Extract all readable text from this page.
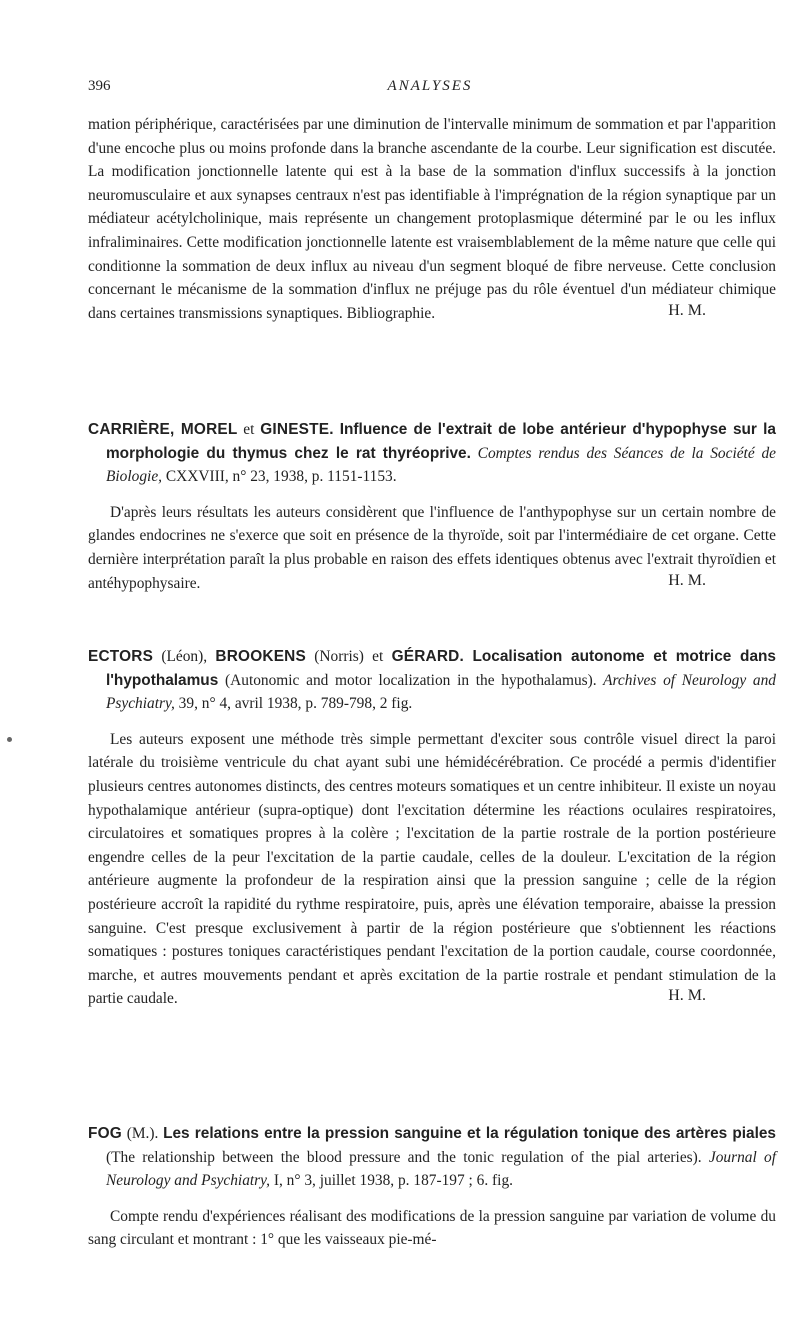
396	ANALYSES

mation périphérique, caractérisées par une diminution de l'intervalle minimum de sommation et par l'apparition d'une encoche plus ou moins profonde dans la branche ascendante de la courbe. Leur signification est discutée. La modification jonctionnelle latente qui est à la base de la sommation d'influx successifs à la jonction neuromusculaire et aux synapses centraux n'est pas identifiable à l'imprégnation de la région synaptique par un médiateur acétylcholinique, mais représente un changement protoplasmique déterminé par le ou les influx infraliminaires. Cette modification jonctionnelle latente est vraisemblablement de la même nature que celle qui conditionne la sommation de deux influx au niveau d'un segment bloqué de fibre nerveuse. Cette conclusion concernant le mécanisme de la sommation d'influx ne préjuge pas du rôle éventuel d'un médiateur chimique dans certaines transmissions synaptiques. Bibliographie.	H. M.
CARRIÈRE, MOREL et GINESTE. Influence de l'extrait de lobe antérieur d'hypophyse sur la morphologie du thymus chez le rat thyréoprive. Comptes rendus des Séances de la Société de Biologie, CXXVIII, n° 23, 1938, p. 1151-1153.

D'après leurs résultats les auteurs considèrent que l'influence de l'anthypophyse sur un certain nombre de glandes endocrines ne s'exerce que soit en présence de la thyroïde, soit par l'intermédiaire de cet organe. Cette dernière interprétation paraît la plus probable en raison des effets identiques obtenus avec l'extrait thyroïdien et antéhypophysaire.	H. M.
ECTORS (Léon), BROOKENS (Norris) et GÉRARD. Localisation autonome et motrice dans l'hypothalamus (Autonomic and motor localization in the hypothalamus). Archives of Neurology and Psychiatry, 39, n° 4, avril 1938, p. 789-798, 2 fig.

Les auteurs exposent une méthode très simple permettant d'exciter sous contrôle visuel direct la paroi latérale du troisième ventricule du chat ayant subi une hémidécérébration. Ce procédé a permis d'identifier plusieurs centres autonomes distincts, des centres moteurs somatiques et un centre inhibiteur. Il existe un noyau hypothalamique antérieur (supra-optique) dont l'excitation détermine les réactions oculaires respiratoires, circulatoires et somatiques propres à la colère ; l'excitation de la partie rostrale de la portion postérieure engendre celles de la peur l'excitation de la partie caudale, celles de la douleur. L'excitation de la région antérieure augmente la profondeur de la respiration ainsi que la pression sanguine ; celle de la région postérieure accroît la rapidité du rythme respiratoire, puis, après une élévation temporaire, abaisse la pression sanguine. C'est presque exclusivement à partir de la région postérieure que s'obtiennent les réactions somatiques : postures toniques caractéristiques pendant l'excitation de la portion caudale, course coordonnée, marche, et autres mouvements pendant et après excitation de la partie rostrale et pendant stimulation de la partie caudale.	H. M.
FOG (M.). Les relations entre la pression sanguine et la régulation tonique des artères piales (The relationship between the blood pressure and the tonic regulation of the pial arteries). Journal of Neurology and Psychiatry, I, n° 3, juillet 1938, p. 187-197 ; 6. fig.

Compte rendu d'expériences réalisant des modifications de la pression sanguine par variation de volume du sang circulant et montrant : 1° que les vaisseaux pie-mé-
